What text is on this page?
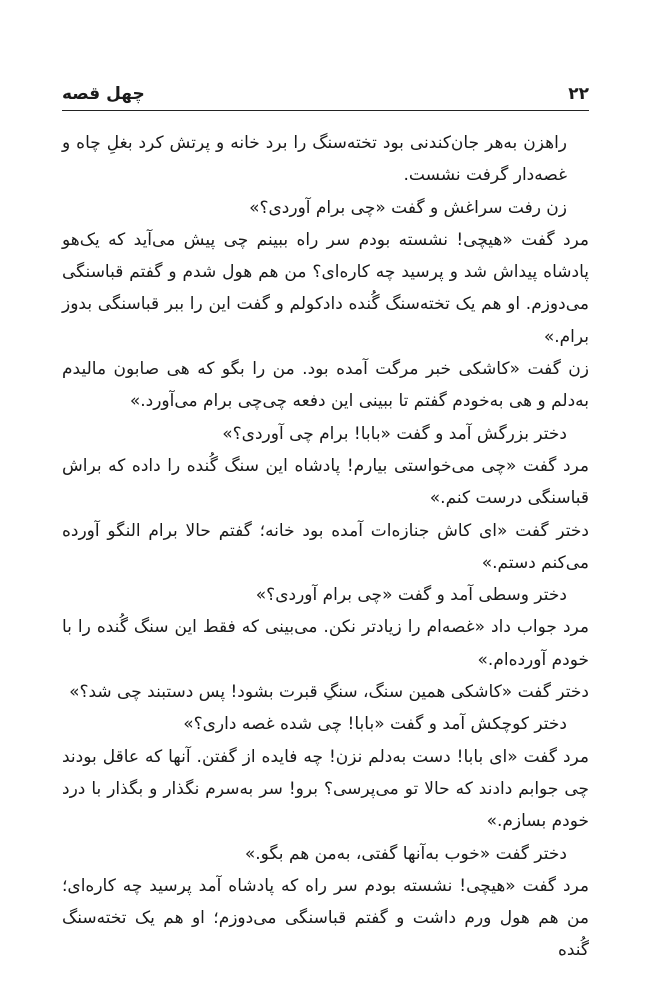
۲۲
چهل قصه

راهزن به‌هر جان‌کندنی بود تخته‌سنگ را برد خانه و پرتش کرد بغلِ چاه و غصه‌دار گرفت نشست.

زن رفت سراغش و گفت «چی برام آوردی؟»

مرد گفت «هیچی! نشسته بودم سر راه ببینم چی پیش می‌آید که یک‌هو پادشاه پیداش شد و پرسید چه کاره‌ای؟ من هم هول شدم و گفتم قباسنگی می‌دوزم. او هم یک تخته‌سنگ گُنده دادکولم و گفت این را ببر قباسنگی بدوز برام.»

زن گفت «کاشکی خبر مرگت آمده بود. من را بگو که هی صابون مالیدم به‌دلم و هی به‌خودم گفتم تا ببینی این دفعه چی‌چی برام می‌آورد.»

دختر بزرگش آمد و گفت «بابا! برام چی آوردی؟»

مرد گفت «چی می‌خواستی بیارم! پادشاه این سنگ گُنده را داده که براش قباسنگی درست کنم.»

دختر گفت «ای کاش جنازه‌ات آمده بود خانه؛ گفتم حالا برام النگو آورده می‌کنم دستم.»

دختر وسطی آمد و گفت «چی برام آوردی؟»

مرد جواب داد «غصه‌ام را زیادتر نکن. می‌بینی که فقط این سنگ گُنده را با خودم آورده‌ام.»

دختر گفت «کاشکی همین سنگ، سنگِ قبرت بشود! پس دستبند چی شد؟»

دختر کوچکش آمد و گفت «بابا! چی شده غصه داری؟»

مرد گفت «ای بابا! دست به‌دلم نزن! چه فایده از گفتن. آنها که عاقل بودند چی جوابم دادند که حالا تو می‌پرسی؟ برو! سر به‌سرم نگذار و بگذار با درد خودم بسازم.»

دختر گفت «خوب به‌آنها گفتی، به‌من هم بگو.»

مرد گفت «هیچی! نشسته بودم سر راه که پادشاه آمد پرسید چه کاره‌ای؛ من هم هول ورم داشت و گفتم قباسنگی می‌دوزم؛ او هم یک تخته‌سنگ گُنده
